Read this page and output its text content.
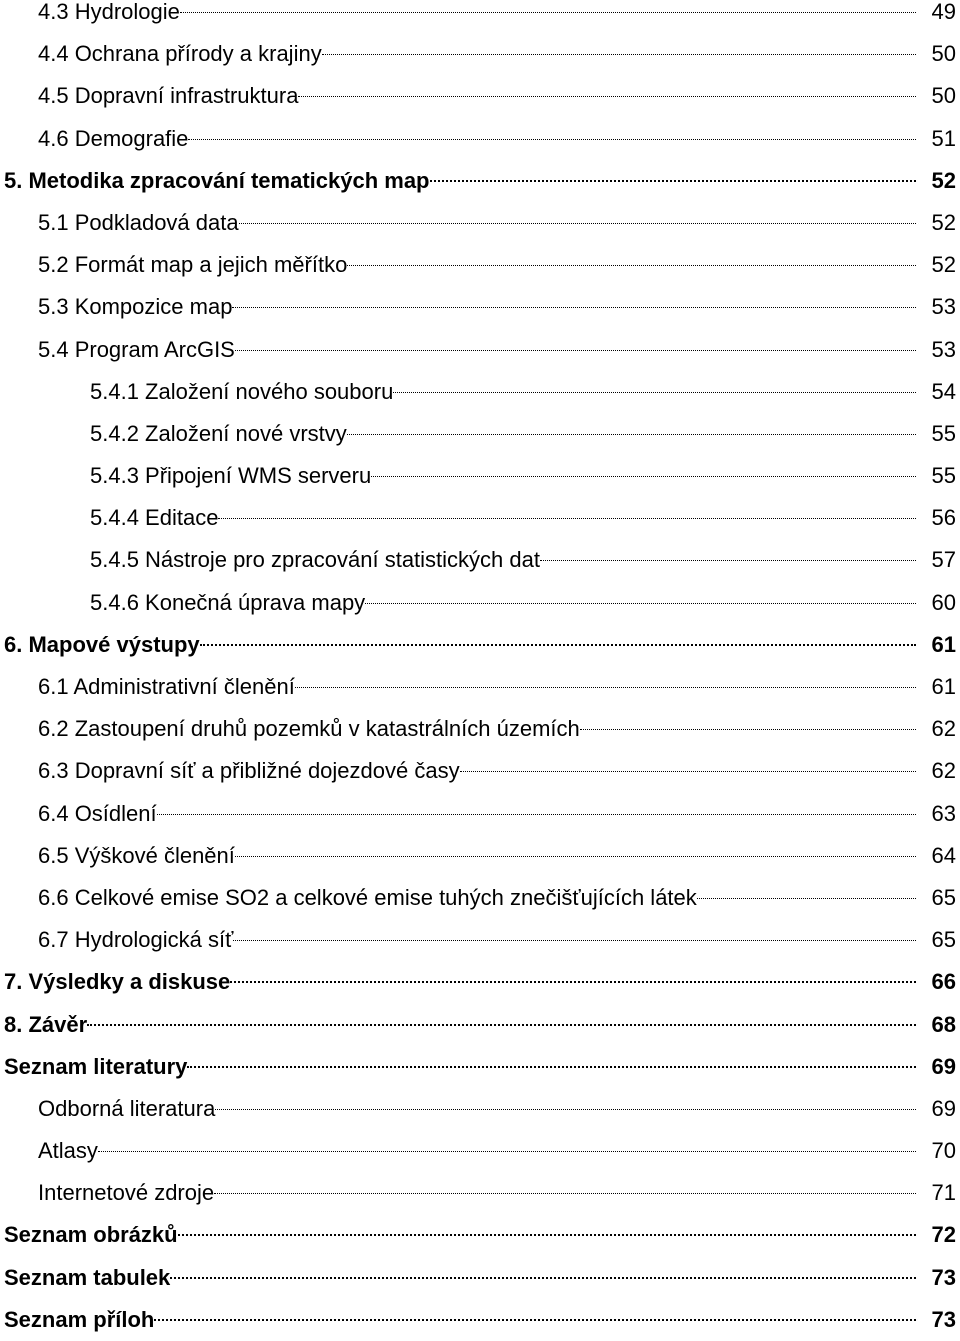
4.3 Hydrologie	49
4.4 Ochrana přírody a krajiny	50
4.5 Dopravní infrastruktura	50
4.6 Demografie	51
5. Metodika zpracování tematických map	52
5.1 Podkladová data	52
5.2 Formát map a jejich měřítko	52
5.3 Kompozice map	53
5.4 Program ArcGIS	53
5.4.1 Založení nového souboru	54
5.4.2 Založení nové vrstvy	55
5.4.3 Připojení WMS serveru	55
5.4.4 Editace	56
5.4.5 Nástroje pro zpracování statistických dat	57
5.4.6 Konečná úprava mapy	60
6. Mapové výstupy	61
6.1 Administrativní členění	61
6.2 Zastoupení druhů pozemků v katastrálních územích	62
6.3 Dopravní síť a přibližné dojezdové časy	62
6.4 Osídlení	63
6.5 Výškové členění	64
6.6 Celkové emise SO2 a celkové emise tuhých znečišťujících látek	65
6.7 Hydrologická síť	65
7. Výsledky a diskuse	66
8. Závěr	68
Seznam literatury	69
Odborná literatura	69
Atlasy	70
Internetové zdroje	71
Seznam obrázků	72
Seznam tabulek	73
Seznam příloh	73
